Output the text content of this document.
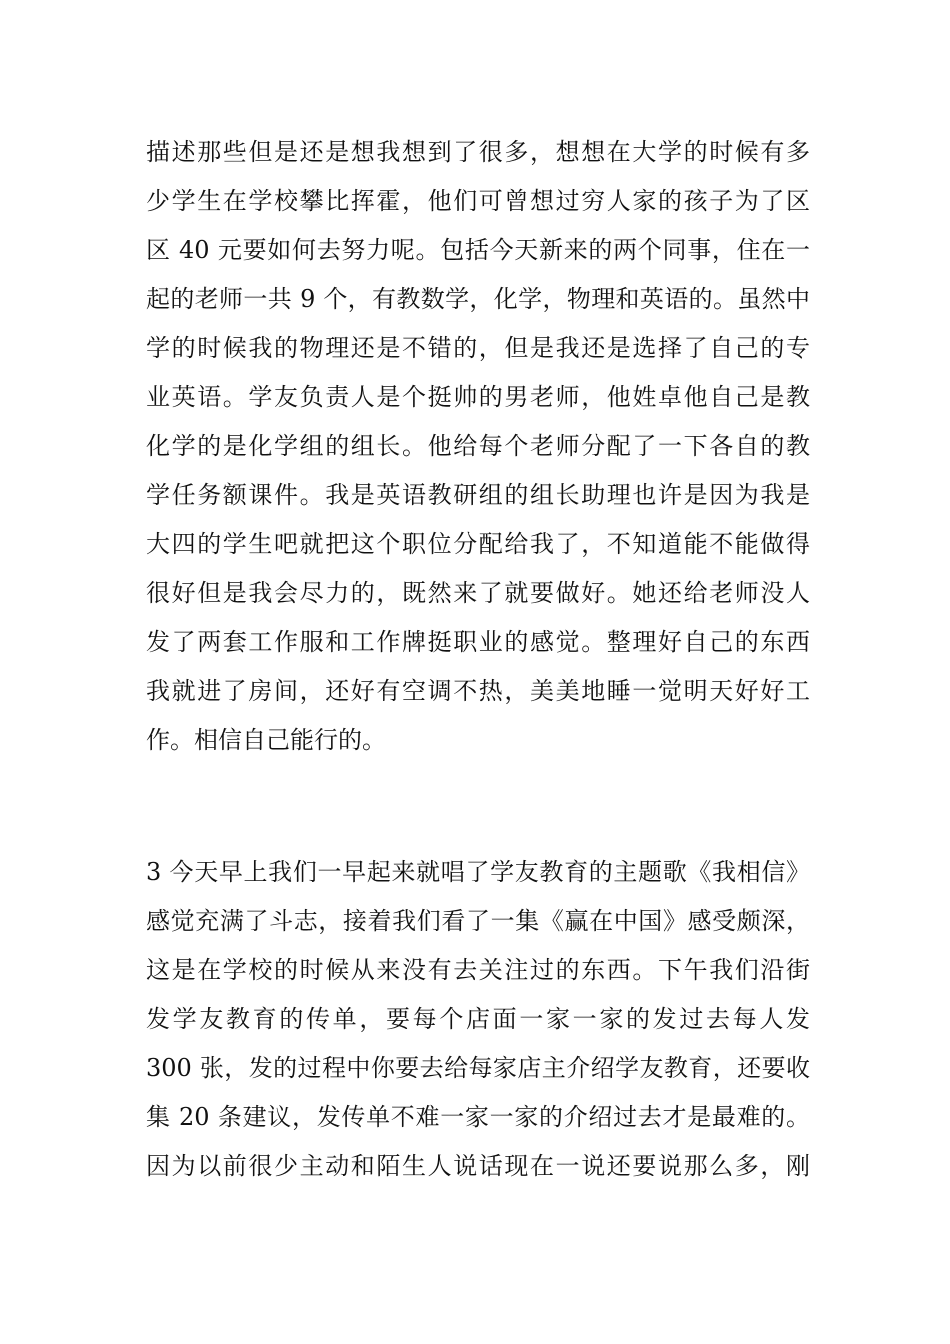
描述那些但是还是想我想到了很多，想想在大学的时候有多
少学生在学校攀比挥霍，他们可曾想过穷人家的孩子为了区
区 40 元要如何去努力呢。包括今天新来的两个同事，住在一
起的老师一共 9 个，有教数学，化学，物理和英语的。虽然中
学的时候我的物理还是不错的，但是我还是选择了自己的专
业英语。学友负责人是个挺帅的男老师，他姓卓他自己是教
化学的是化学组的组长。他给每个老师分配了一下各自的教
学任务额课件。我是英语教研组的组长助理也许是因为我是
大四的学生吧就把这个职位分配给我了，不知道能不能做得
很好但是我会尽力的，既然来了就要做好。她还给老师没人
发了两套工作服和工作牌挺职业的感觉。整理好自己的东西
我就进了房间，还好有空调不热，美美地睡一觉明天好好工
作。相信自己能行的。
3 今天早上我们一早起来就唱了学友教育的主题歌《我相信》
感觉充满了斗志，接着我们看了一集《赢在中国》感受颇深，
这是在学校的时候从来没有去关注过的东西。下午我们沿街
发学友教育的传单，要每个店面一家一家的发过去每人发
300 张，发的过程中你要去给每家店主介绍学友教育，还要收
集 20 条建议，发传单不难一家一家的介绍过去才是最难的。
因为以前很少主动和陌生人说话现在一说还要说那么多，刚
